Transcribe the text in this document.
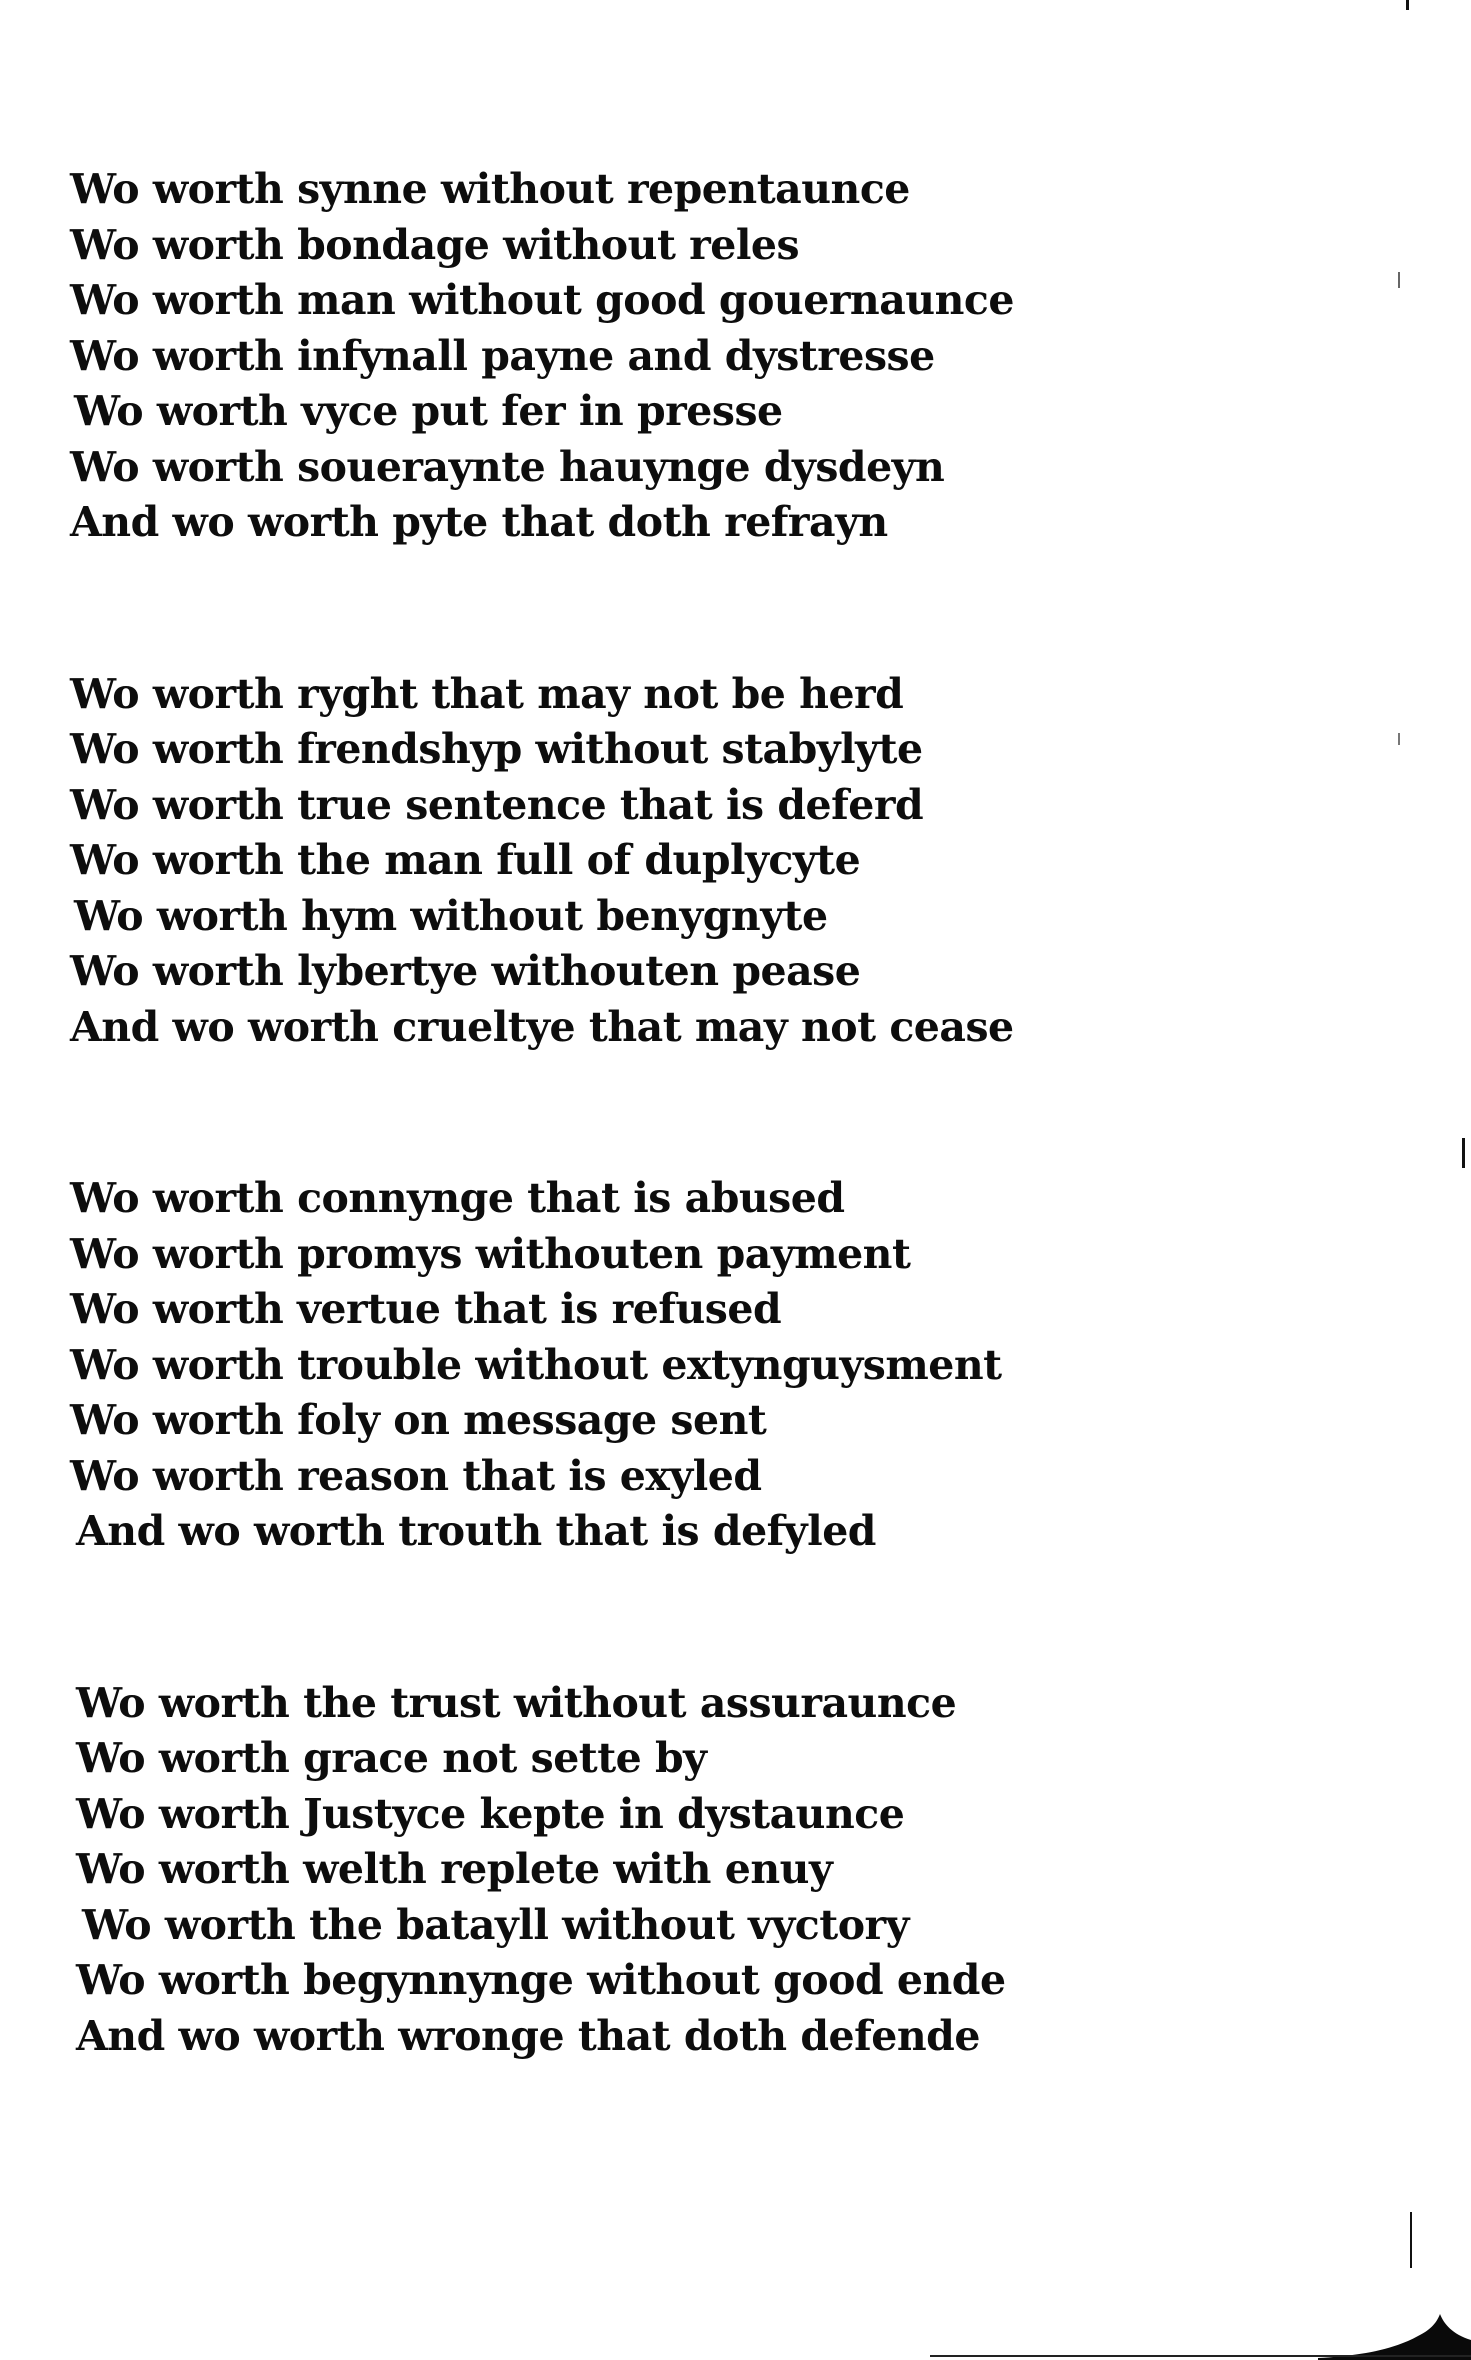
Wo worth synne without repentaunce
Wo worth bondage without reles
Wo worth man without good gouernaunce
Wo worth infynall payne and dystresse
Wo worth vyce put fer in presse
Wo worth soueraynte hauynge dysdeyn
And wo worth pyte that doth refrayn
Wo worth ryght that may not be herd
Wo worth frendshyp without stabylyte
Wo worth true sentence that is deferd
Wo worth the man full of duplycyte
Wo worth hym without benygnyte
Wo worth lybertye withouten pease
And wo worth crueltye that may not cease
Wo worth connynge that is abused
Wo worth promys withouten payment
Wo worth vertue that is refused
Wo worth trouble without extynguysment
Wo worth foly on message sent
Wo worth reason that is exyled
And wo worth trouth that is defyled
Wo worth the trust without assuraunce
Wo worth grace not sette by
Wo worth Justyce kepte in dystaunce
Wo worth welth replete with enuy
Wo worth the batayll without vyctory
Wo worth begynnynge without good ende
And wo worth wronge that doth defende
